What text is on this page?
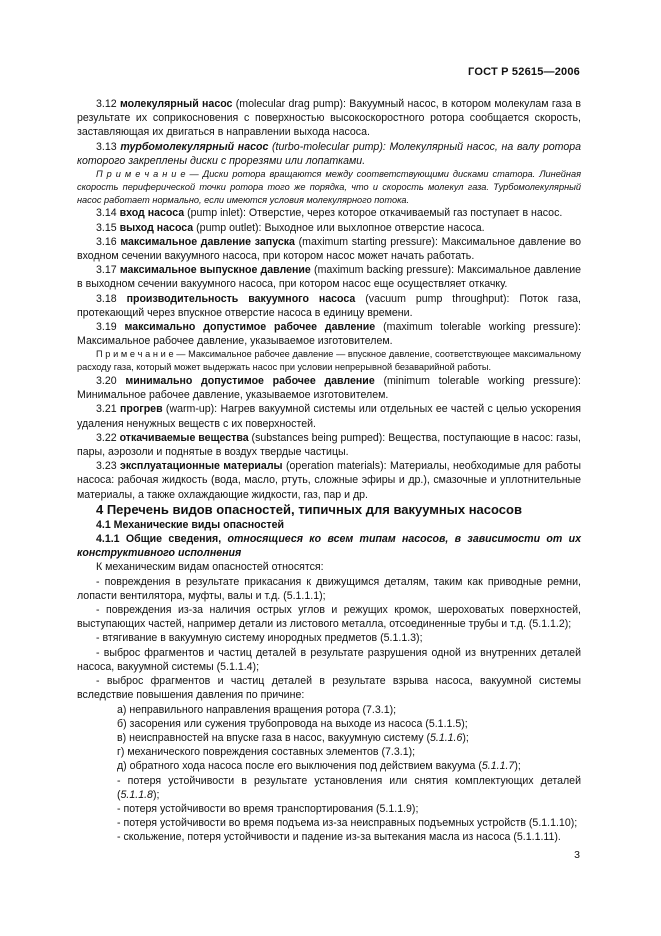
ГОСТ Р 52615—2006

3.12 молекулярный насос (molecular drag pump): Вакуумный насос, в котором молекулам газа в результате их соприкосновения с поверхностью высокоскоростного ротора сообщается скорость, заставляющая их двигаться в направлении выхода насоса.

3.13 турбомолекулярный насос (turbo-molecular pump): Молекулярный насос, на валу ротора которого закреплены диски с прорезями или лопатками.

П р и м е ч а н и е — Диски ротора вращаются между соответствующими дисками статора. Линейная скорость периферической точки ротора того же порядка, что и скорость молекул газа. Турбомолекулярный насос работает нормально, если имеются условия молекулярного потока.

3.14 вход насоса (pump inlet): Отверстие, через которое откачиваемый газ поступает в насос.

3.15 выход насоса (pump outlet): Выходное или выхлопное отверстие насоса.

3.16 максимальное давление запуска (maximum starting pressure): Максимальное давление во входном сечении вакуумного насоса, при котором насос может начать работать.

3.17 максимальное выпускное давление (maximum backing pressure): Максимальное давление в выходном сечении вакуумного насоса, при котором насос еще осуществляет откачку.

3.18 производительность вакуумного насоса (vacuum pump throughput): Поток газа, протекающий через впускное отверстие насоса в единицу времени.

3.19 максимально допустимое рабочее давление (maximum tolerable working pressure): Максимальное рабочее давление, указываемое изготовителем.

П р и м е ч а н и е — Максимальное рабочее давление — впускное давление, соответствующее максимальному расходу газа, который может выдержать насос при условии непрерывной безаварийной работы.

3.20 минимально допустимое рабочее давление (minimum tolerable working pressure): Минимальное рабочее давление, указываемое изготовителем.

3.21 прогрев (warm-up): Нагрев вакуумной системы или отдельных ее частей с целью ускорения удаления ненужных веществ с их поверхностей.

3.22 откачиваемые вещества (substances being pumped): Вещества, поступающие в насос: газы, пары, аэрозоли и поднятые в воздух твердые частицы.

3.23 эксплуатационные материалы (operation materials): Материалы, необходимые для работы насоса: рабочая жидкость (вода, масло, ртуть, сложные эфиры и др.), смазочные и уплотнительные материалы, а также охлаждающие жидкости, газ, пар и др.

4 Перечень видов опасностей, типичных для вакуумных насосов

4.1 Механические виды опасностей

4.1.1 Общие сведения, относящиеся ко всем типам насосов, в зависимости от их конструктивного исполнения

К механическим видам опасностей относятся:

- повреждения в результате прикасания к движущимся деталям, таким как приводные ремни, лопасти вентилятора, муфты, валы и т.д. (5.1.1.1);

- повреждения из-за наличия острых углов и режущих кромок, шероховатых поверхностей, выступающих частей, например детали из листового металла, отсоединенные трубы и т.д. (5.1.1.2);

- втягивание в вакуумную систему инородных предметов (5.1.1.3);

- выброс фрагментов и частиц деталей в результате разрушения одной из внутренних деталей насоса, вакуумной системы (5.1.1.4);

- выброс фрагментов и частиц деталей в результате взрыва насоса, вакуумной системы вследствие повышения давления по причине:

а) неправильного направления вращения ротора (7.3.1);

б) засорения или сужения трубопровода на выходе из насоса (5.1.1.5);

в) неисправностей на впуске газа в насос, вакуумную систему (5.1.1.6);

г) механического повреждения составных элементов (7.3.1);

д) обратного хода насоса после его выключения под действием вакуума (5.1.1.7);

- потеря устойчивости в результате установления или снятия комплектующих деталей (5.1.1.8);

- потеря устойчивости во время транспортирования (5.1.1.9);

- потеря устойчивости во время подъема из-за неисправных подъемных устройств (5.1.1.10);

- скольжение, потеря устойчивости и падение из-за вытекания масла из насоса (5.1.1.11).

3
